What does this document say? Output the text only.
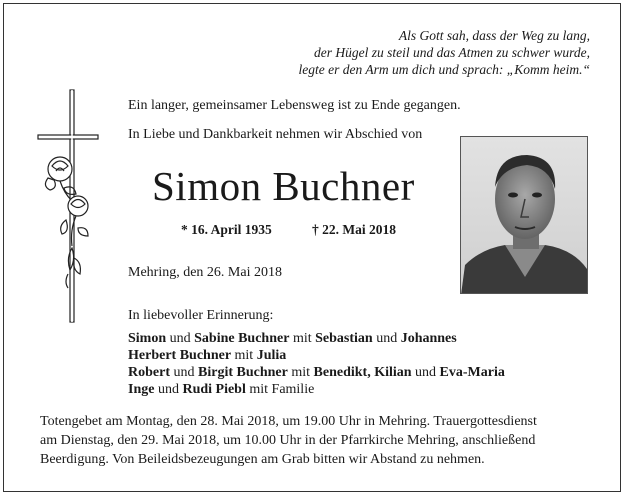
Als Gott sah, dass der Weg zu lang,
der Hügel zu steil und das Atmen zu schwer wurde,
legte er den Arm um dich und sprach: „Komm heim.“
Ein langer, gemeinsamer Lebensweg ist zu Ende gegangen.
In Liebe und Dankbarkeit nehmen wir Abschied von
Simon Buchner
* 16. April 1935	† 22. Mai 2018
Mehring, den 26. Mai 2018
In liebevoller Erinnerung:
Simon und Sabine Buchner mit Sebastian und Johannes
Herbert Buchner mit Julia
Robert und Birgit Buchner mit Benedikt, Kilian und Eva-Maria
Inge und Rudi Piebl mit Familie
Totengebet am Montag, den 28. Mai 2018, um 19.00 Uhr in Mehring. Trauergottesdienst
am Dienstag, den 29. Mai 2018, um 10.00 Uhr in der Pfarrkirche Mehring, anschließend
Beerdigung. Von Beileidsbezeugungen am Grab bitten wir Abstand zu nehmen.
